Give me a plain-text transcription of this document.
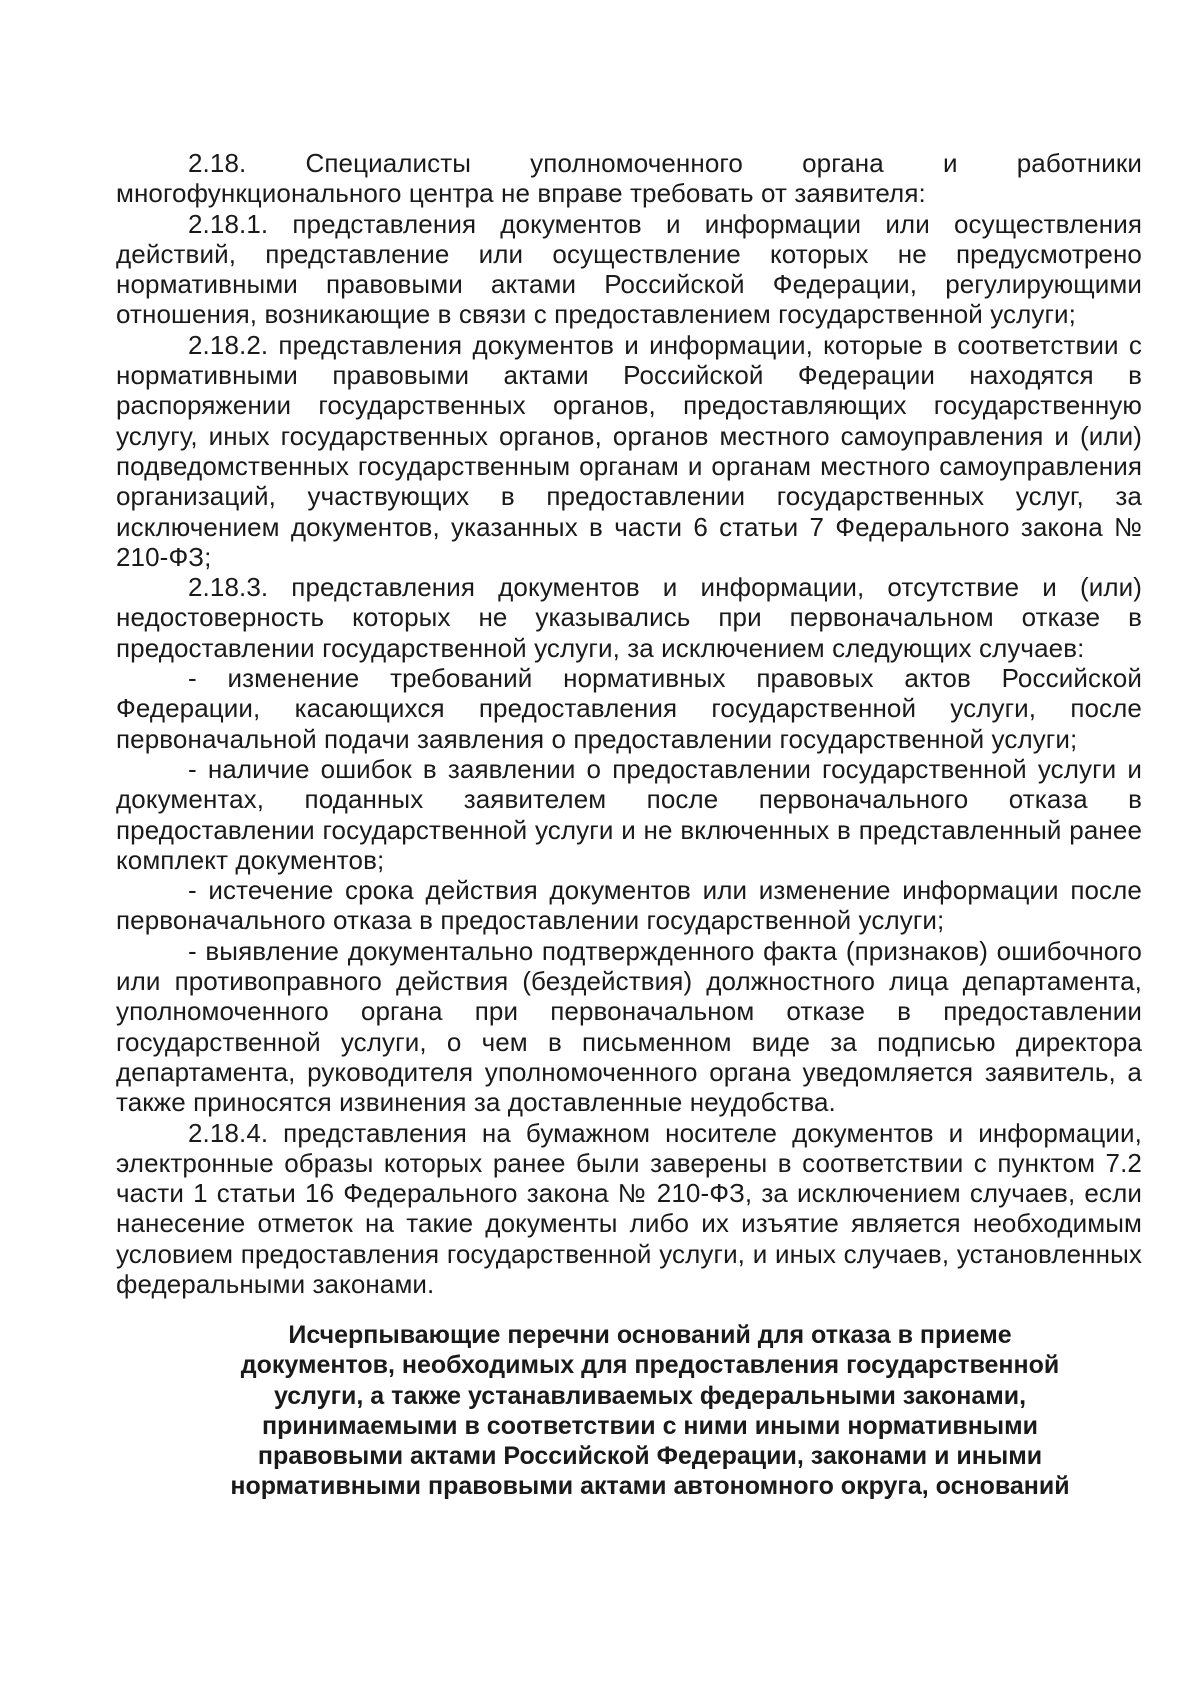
2.18. Специалисты уполномоченного органа и работники многофункционального центра не вправе требовать от заявителя:

2.18.1. представления документов и информации или осуществления действий, представление или осуществление которых не предусмотрено нормативными правовыми актами Российской Федерации, регулирующими отношения, возникающие в связи с предоставлением государственной услуги;

2.18.2. представления документов и информации, которые в соответствии с нормативными правовыми актами Российской Федерации находятся в распоряжении государственных органов, предоставляющих государственную услугу, иных государственных органов, органов местного самоуправления и (или) подведомственных государственным органам и органам местного самоуправления организаций, участвующих в предоставлении государственных услуг, за исключением документов, указанных в части 6 статьи 7 Федерального закона № 210-ФЗ;

2.18.3. представления документов и информации, отсутствие и (или) недостоверность которых не указывались при первоначальном отказе в предоставлении государственной услуги, за исключением следующих случаев:

- изменение требований нормативных правовых актов Российской Федерации, касающихся предоставления государственной услуги, после первоначальной подачи заявления о предоставлении государственной услуги;

- наличие ошибок в заявлении о предоставлении государственной услуги и документах, поданных заявителем после первоначального отказа в предоставлении государственной услуги и не включенных в представленный ранее комплект документов;

- истечение срока действия документов или изменение информации после первоначального отказа в предоставлении государственной услуги;

- выявление документально подтвержденного факта (признаков) ошибочного или противоправного действия (бездействия) должностного лица департамента, уполномоченного органа при первоначальном отказе в предоставлении государственной услуги, о чем в письменном виде за подписью директора департамента, руководителя уполномоченного органа уведомляется заявитель, а также приносятся извинения за доставленные неудобства.

2.18.4. представления на бумажном носителе документов и информации, электронные образы которых ранее были заверены в соответствии с пунктом 7.2 части 1 статьи 16 Федерального закона № 210-ФЗ, за исключением случаев, если нанесение отметок на такие документы либо их изъятие является необходимым условием предоставления государственной услуги, и иных случаев, установленных федеральными законами.

Исчерпывающие перечни оснований для отказа в приеме
документов, необходимых для предоставления государственной
услуги, а также устанавливаемых федеральными законами,
принимаемыми в соответствии с ними иными нормативными
правовыми актами Российской Федерации, законами и иными
нормативными правовыми актами автономного округа, оснований
